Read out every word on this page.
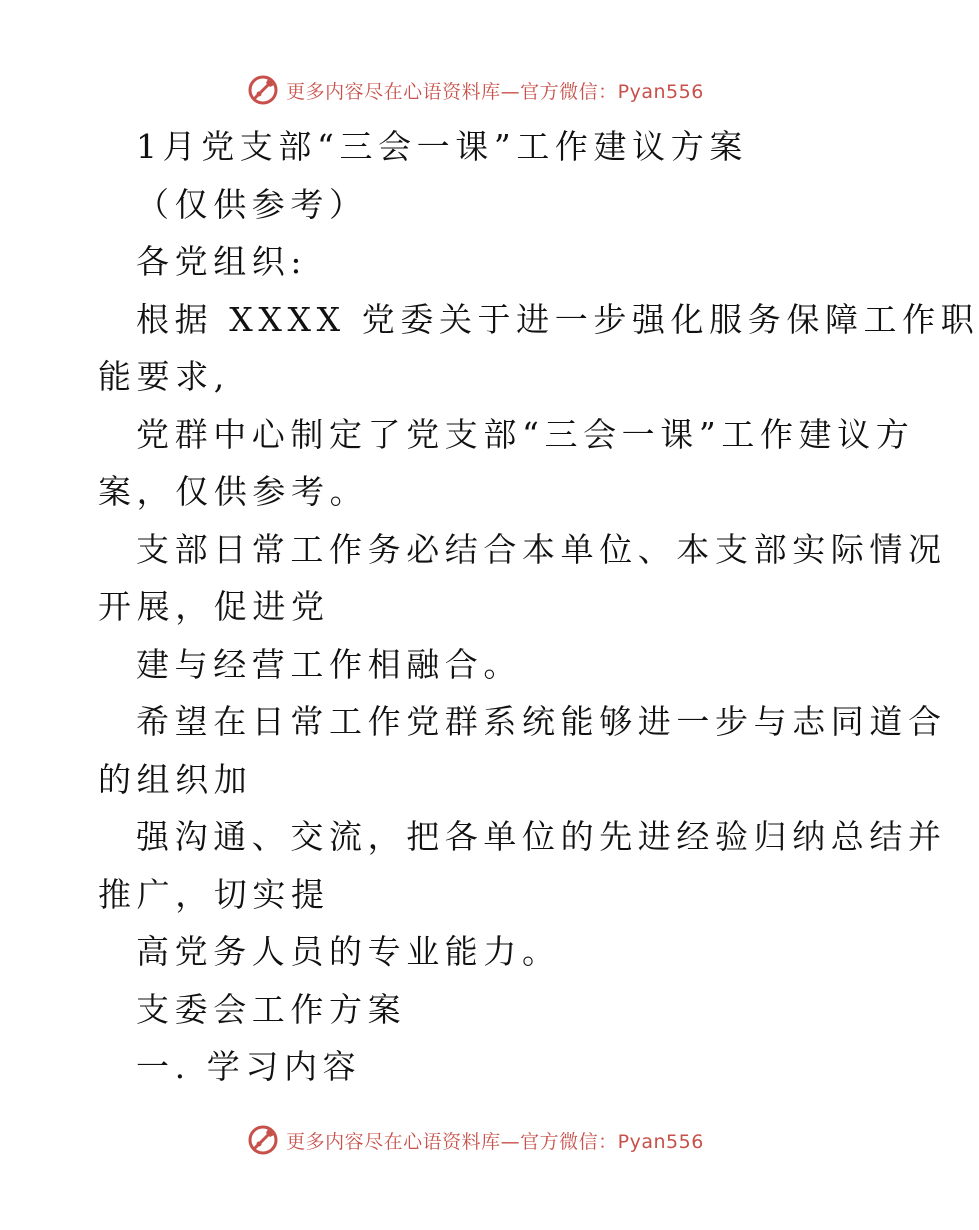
更多内容尽在心语资料库—官方微信：Pyan556
1月党支部“三会一课”工作建议方案
（仅供参考）
各党组织:
根据 XXXX 党委关于进一步强化服务保障工作职
能要求,
党群中心制定了党支部“三会一课”工作建议方
案，仅供参考。
支部日常工作务必结合本单位、本支部实际情况
开展，促进党
建与经营工作相融合。
希望在日常工作党群系统能够进一步与志同道合
的组织加
强沟通、交流，把各单位的先进经验归纳总结并
推广，切实提
高党务人员的专业能力。
支委会工作方案
一. 学习内容
更多内容尽在心语资料库—官方微信：Pyan556
